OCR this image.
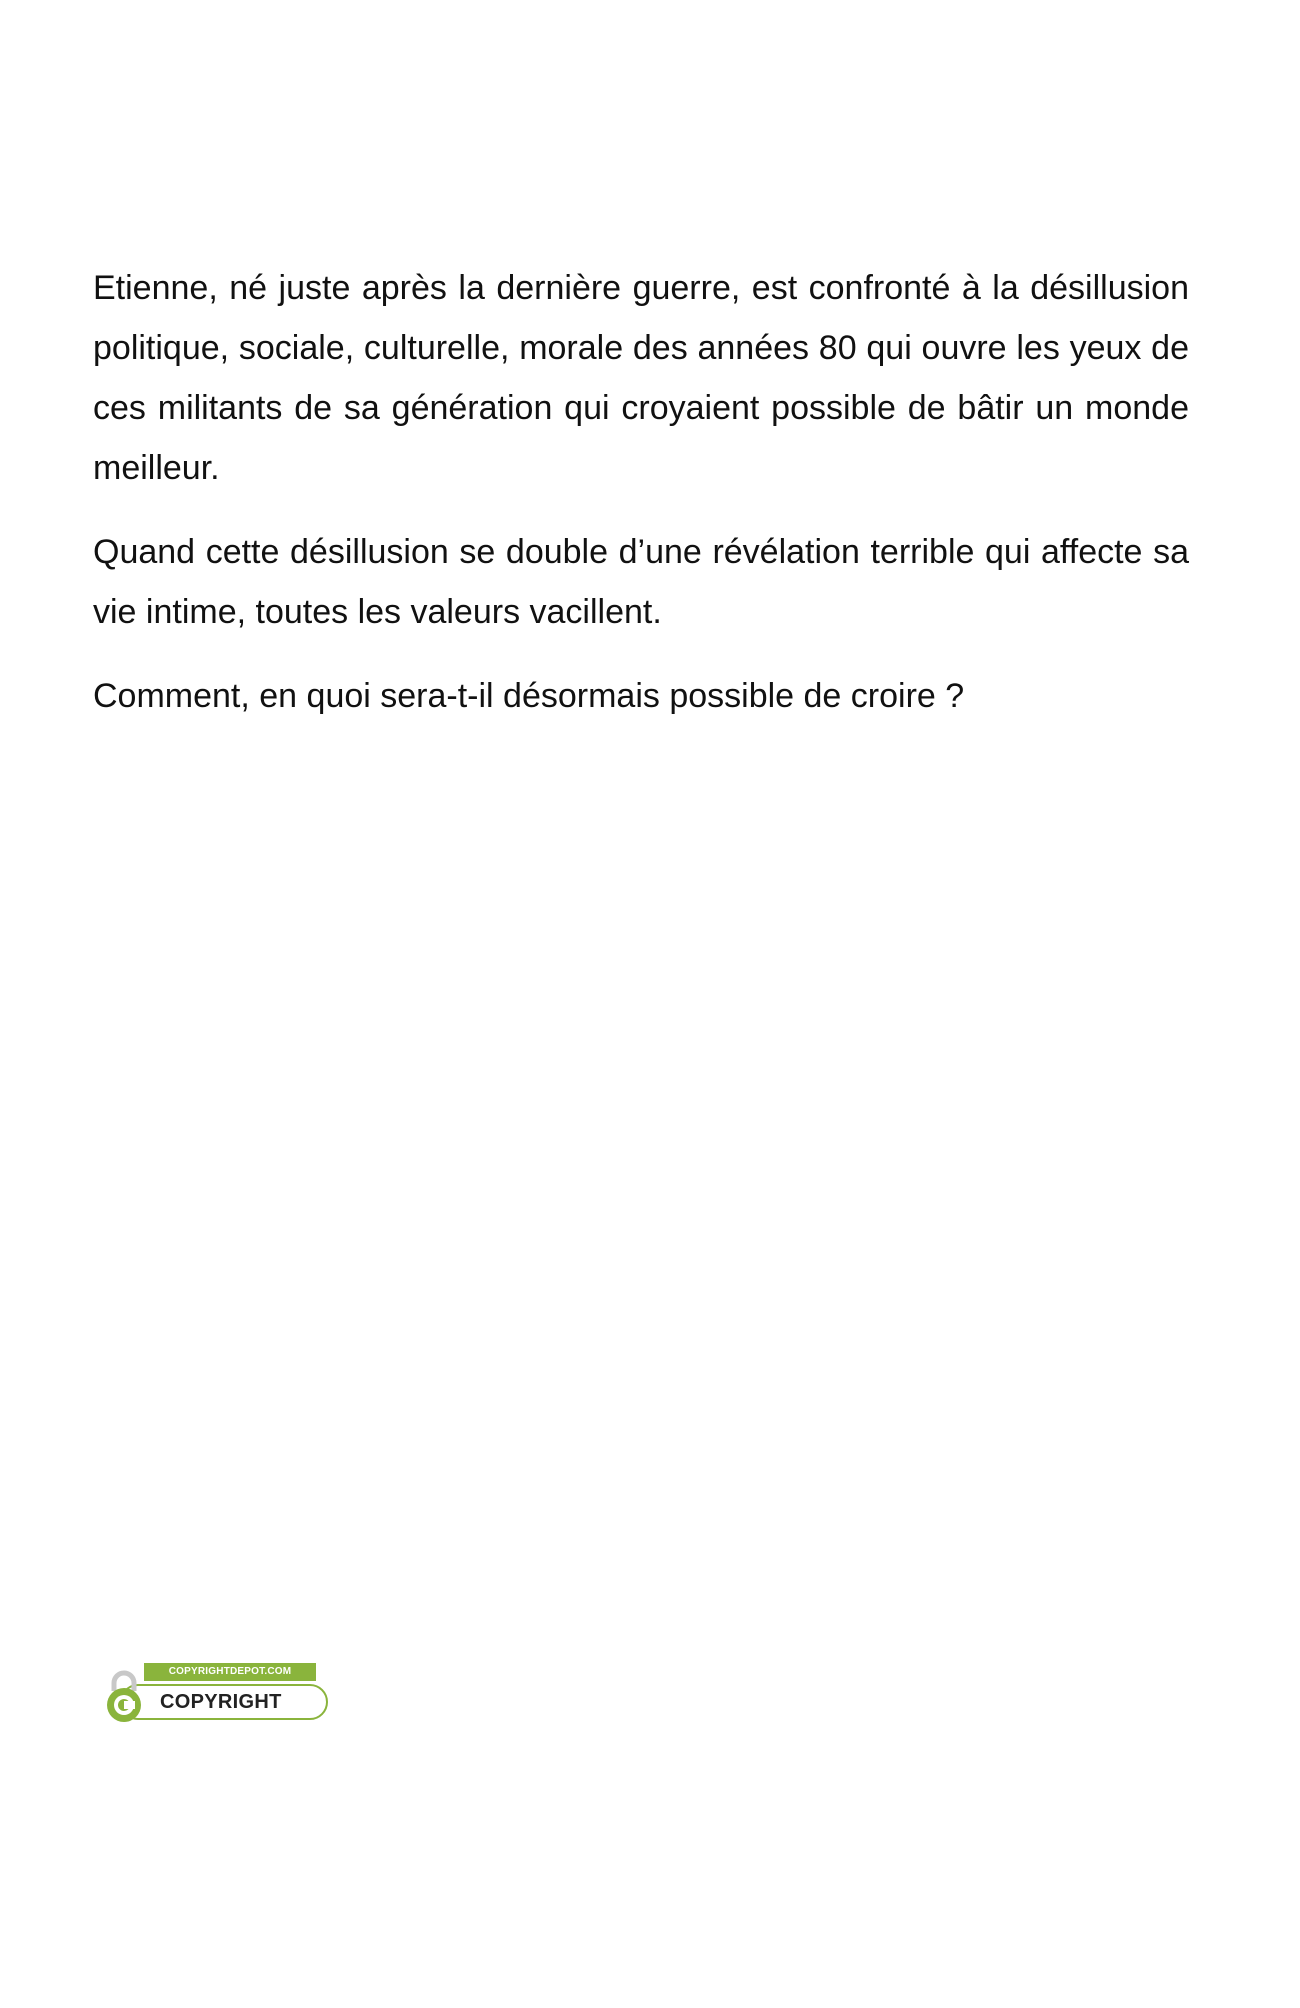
Etienne, né juste après la dernière guerre, est confronté à la désillusion politique, sociale, culturelle, morale des années 80 qui ouvre les yeux de ces militants de sa génération qui croyaient possible de bâtir un monde meilleur.

Quand cette désillusion se double d’une révélation terrible qui affecte sa vie intime, toutes les valeurs vacillent.

Comment, en quoi sera-t-il désormais possible de croire ?

COPYRIGHTDEPOT.COM
COPYRIGHT
